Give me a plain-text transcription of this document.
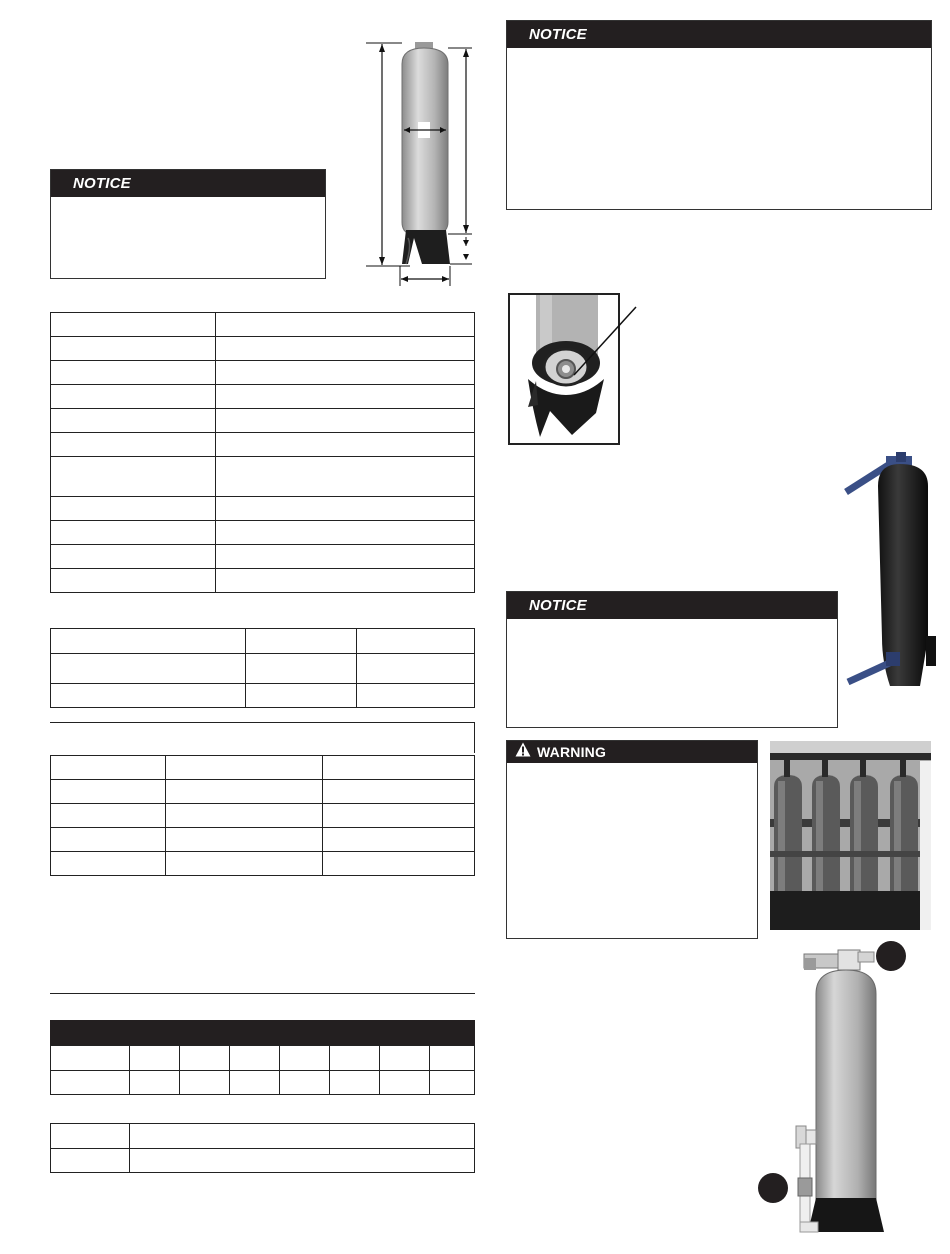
NOTICE

NOTICE
NOTICE
WARNING
